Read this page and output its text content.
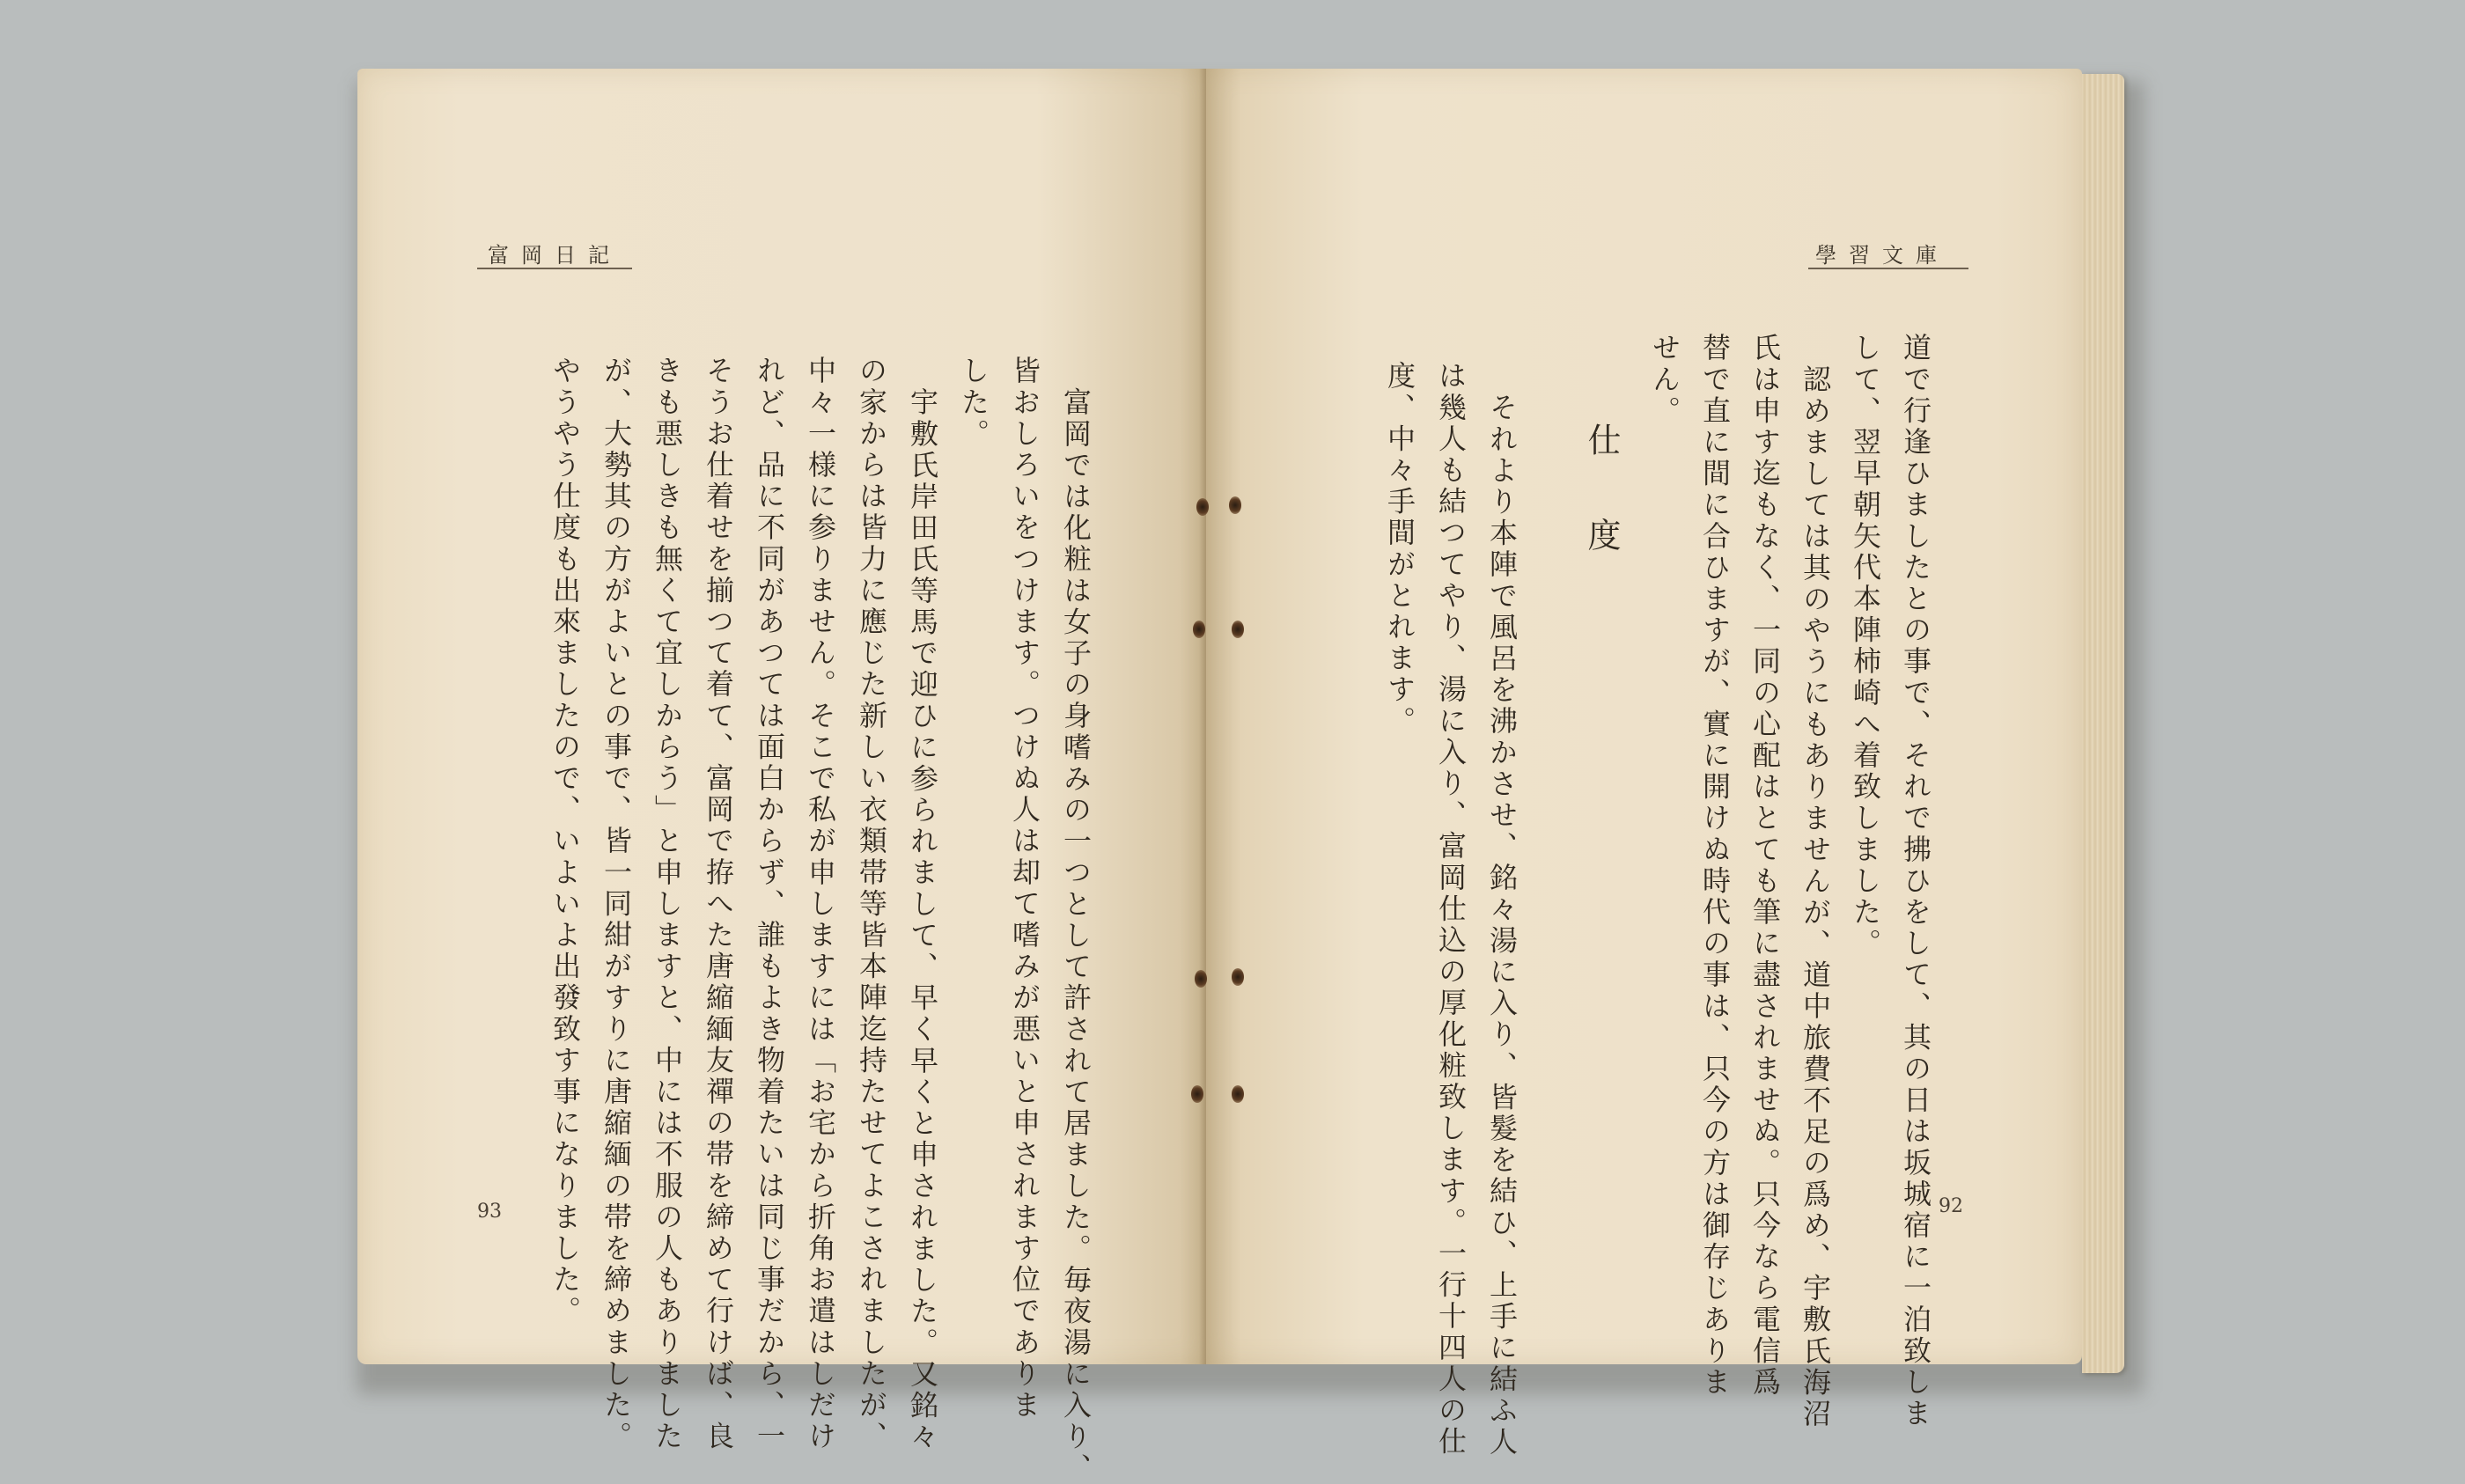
富岡日記
富岡では化粧は女子の身嗜みの一つとして許されて居ました。毎夜湯に入り、
皆おしろいをつけます。つけぬ人は却て嗜みが悪いと申されます位でありま
した。
宇敷氏岸田氏等馬で迎ひに参られまして、早く早くと申されました。又銘々
の家からは皆力に應じた新しい衣類帯等皆本陣迄持たせてよこされましたが、
中々一様に参りません。そこで私が申しますには「お宅から折角お遣はしだけ
れど、品に不同があつては面白からず、誰もよき物着たいは同じ事だから、一
そうお仕着せを揃つて着て、富岡で拵へた唐縮緬友禪の帯を締めて行けば、良
きも悪しきも無くて宜しからう」と申しますと、中には不服の人もありました
が、大勢其の方がよいとの事で、皆一同紺がすりに唐縮緬の帯を締めました。
やうやう仕度も出來ましたので、いよいよ出發致す事になりました。
93
學習文庫
道で行逢ひましたとの事で、それで拂ひをして、其の日は坂城宿に一泊致しま
して、翌早朝矢代本陣柿崎へ着致しました。
認めましては其のやうにもありませんが、道中旅費不足の爲め、宇敷氏海沼
氏は申す迄もなく、一同の心配はとても筆に盡されませぬ。只今なら電信爲
替で直に間に合ひますが、實に開けぬ時代の事は、只今の方は御存じありま
せん。
仕度
それより本陣で風呂を沸かさせ、銘々湯に入り、皆髮を結ひ、上手に結ふ人
は幾人も結つてやり、湯に入り、富岡仕込の厚化粧致します。一行十四人の仕
度、中々手間がとれます。
92
